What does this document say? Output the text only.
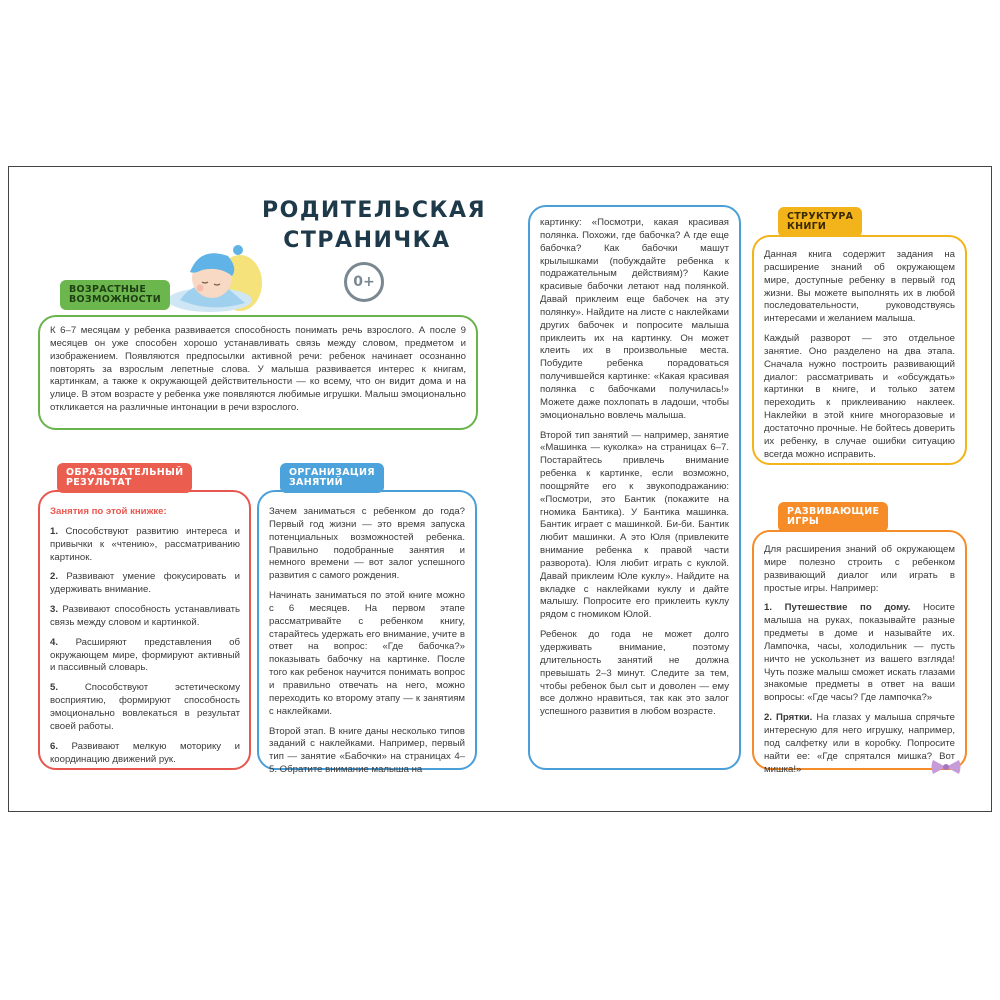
РОДИТЕЛЬСКАЯ
СТРАНИЧКА
0+

К 6–7 месяцам у ребенка развивается способность понимать речь взрослого. А после 9 месяцев он уже способен хорошо устанавливать связь между словом, предметом и изображением. Появляются предпосылки активной речи: ребенок начинает осознанно повторять за взрослым лепетные слова. У малыша развивается интерес к книгам, картинкам, а также к окружающей действительности — ко всему, что он видит дома и на улице. В этом возрасте у ребенка уже появляются любимые игрушки. Малыш эмоционально откликается на различные интонации в речи взрослого.

ВОЗРАСТНЫЕ
ВОЗМОЖНОСТИ
Занятия по этой книжке:

1. Способствуют развитию интереса и привычки к «чтению», рассматриванию картинок.

2. Развивают умение фокусировать и удерживать внимание.

3. Развивают способность устанавливать связь между словом и картинкой.

4. Расширяют представления об окружающем мире, формируют активный и пассивный словарь.

5.	Способствуют эстетическому восприятию, формируют способность эмоционально вовлекаться в результат своей работы.

6. Развивают мелкую моторику и координацию движений рук.

ОБРАЗОВАТЕЛЬНЫЙ
РЕЗУЛЬТАТ

Зачем заниматься с ребенком до года? Первый год жизни — это время запуска потенциальных возможностей ребенка. Правильно подобранные занятия и немного времени — вот залог успешного развития с самого рождения.

Начинать заниматься по этой книге можно с 6 месяцев. На первом этапе рассматривайте с ребенком книгу, старайтесь удержать его внимание, учите в ответ на вопрос: «Где бабочка?» показывать бабочку на картинке. После того как ребенок научится понимать вопрос и правильно отвечать на него, можно переходить ко второму этапу — к занятиям с наклейками.

Второй этап. В книге даны несколько типов заданий с наклейками. Например, первый тип — занятие «Бабочки» на страницах 4–5. Обратите внимание малыша на

ОРГАНИЗАЦИЯ
ЗАНЯТИЙ

картинку: «Посмотри, какая красивая полянка. Похожи, где бабочка? А где еще бабочка? Как бабочки машут крылышками (побуждайте ребенка к подражательным действиям)? Какие красивые бабочки летают над полянкой. Давай приклеим еще бабочек на эту полянку». Найдите на листе с наклейками других бабочек и попросите малыша приклеить их на картинку. Он может клеить их в произвольные места. Побудите ребенка порадоваться получившейся картинке: «Какая красивая полянка с бабочками получилась!» Можете даже похлопать в ладоши, чтобы эмоционально вовлечь малыша.

Второй тип занятий — например, занятие «Машинка — куколка» на страницах 6–7. Постарайтесь привлечь внимание ребенка к картинке, если возможно, поощряйте его к звукоподражанию: «Посмотри, это Бантик (покажите на гномика Бантика). У Бантика машинка. Бантик играет с машинкой. Би-би. Бантик любит машинки. А это Юля (привлеките внимание ребенка к правой части разворота). Юля любит играть с куклой. Давай приклеим Юле куклу». Найдите на вкладке с наклейками куклу и дайте малышу. Попросите его приклеить куклу рядом с гномиком Юлой.

Ребенок до года не может долго удерживать внимание, поэтому длительность занятий не должна превышать 2–3 минут. Следите за тем, чтобы ребенок был сыт и доволен — ему все должно нравиться, так как это залог успешного развития в любом возрасте.

Данная книга содержит задания на расширение знаний об окружающем мире, доступные ребенку в первый год жизни. Вы можете выполнять их в любой последовательности, руководствуясь интересами и желанием малыша.

Каждый разворот — это отдельное занятие. Оно разделено на два этапа. Сначала нужно построить развивающий диалог: рассматривать и «обсуждать» картинки в книге, и только затем переходить к приклеиванию наклеек. Наклейки в этой книге многоразовые и достаточно прочные. Не бойтесь доверить их ребенку, в случае ошибки ситуацию всегда можно исправить.

СТРУКТУРА
КНИГИ

Для расширения знаний об окружающем мире полезно строить с ребенком развивающий диалог или играть в простые игры. Например:

1. Путешествие по дому. Носите малыша на руках, показывайте разные предметы в доме и называйте их. Лампочка, часы, холодильник — пусть ничто не ускользнет из вашего взгляда! Чуть позже малыш сможет искать глазами знакомые предметы в ответ на ваши вопросы: «Где часы? Где лампочка?»

2. Прятки. На глазах у малыша спрячьте интересную для него игрушку, например, под салфетку или в коробку. Попросите найти ее: «Где спрятался мишка? Вот мишка!»

РАЗВИВАЮЩИЕ
ИГРЫ
